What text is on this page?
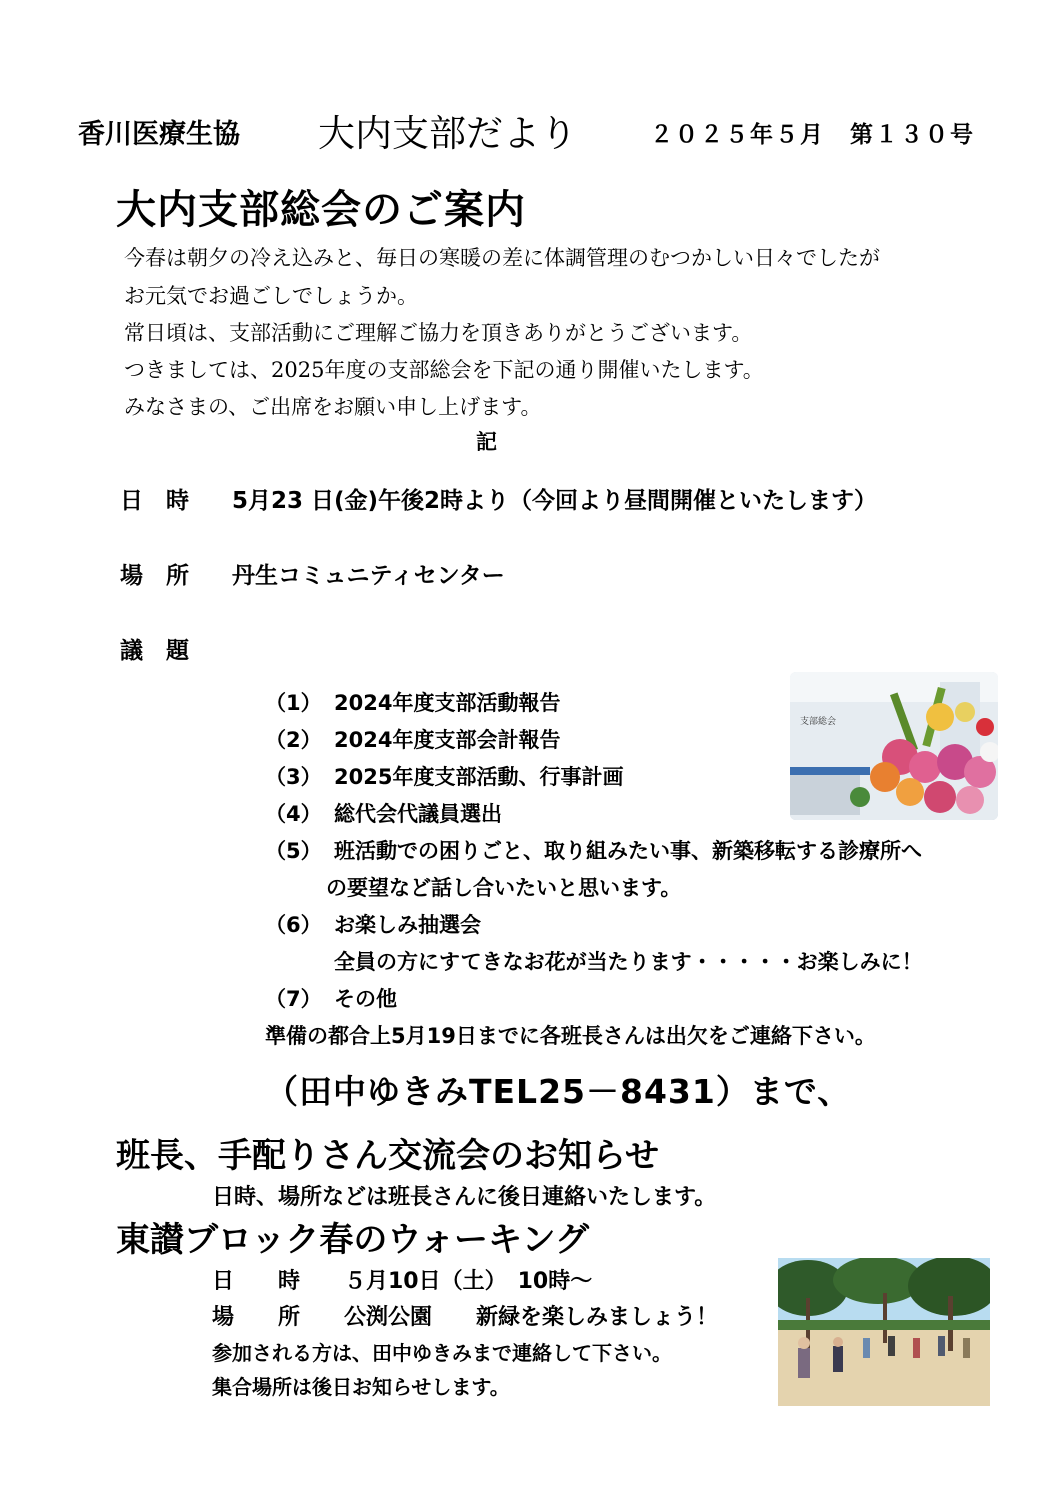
香川医療生協 大内支部だより	２０２５年５月　第１３０号
大内支部総会のご案内
今春は朝夕の冷え込みと、毎日の寒暖の差に体調管理のむつかしい日々でしたが
お元気でお過ごしでしょうか。
常日頃は、支部活動にご理解ご協力を頂きありがとうございます。
つきましては、2025年度の支部総会を下記の通り開催いたします。
みなさまの、ご出席をお願い申し上げます。
記
日　時 5月23 日(金)午後2時より（今回より昼間開催といたします）
場　所 丹生コミュニティセンター
議　題
（1） 2024年度支部活動報告
（2） 2024年度支部会計報告
（3） 2025年度支部活動、行事計画
（4） 総代会代議員選出
（5） 班活動での困りごと、取り組みたい事、新築移転する診療所へ
の要望など話し合いたいと思います。
（6） お楽しみ抽選会
全員の方にすてきなお花が当たります・・・・・お楽しみに！
（7） その他
準備の都合上5月19日までに各班長さんは出欠をご連絡下さい。
（田中ゆきみTEL25－8431）まで、
支部総会
班長、手配りさん交流会のお知らせ
日時、場所などは班長さんに後日連絡いたします。
東讃ブロック春のウォーキング
日　　時　　５月10日（土）　10時～
場　　所　　公渕公園　　新緑を楽しみましょう！
参加される方は、田中ゆきみまで連絡して下さい。
集合場所は後日お知らせします。
